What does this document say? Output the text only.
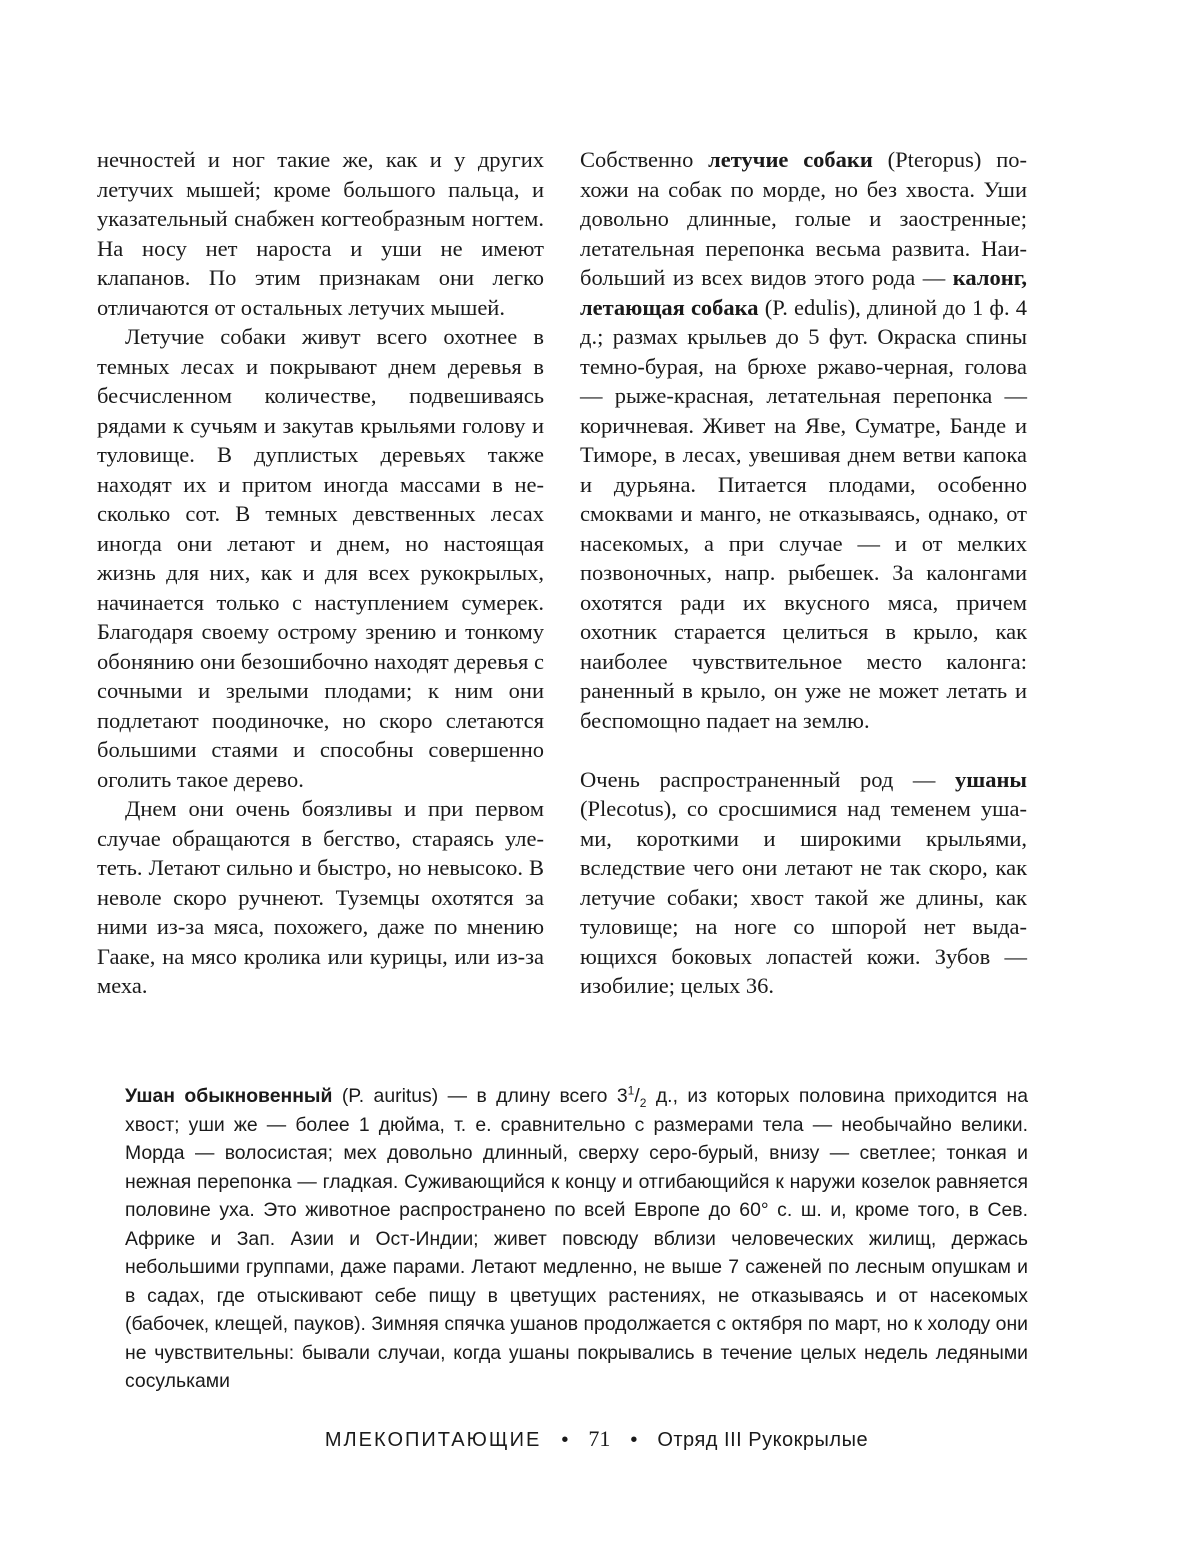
нечностей и ног такие же, как и у других летучих мышей; кроме большого пальца, и указательный снабжен когтеобразным ногтем. На носу нет нароста и уши не имеют клапанов. По этим признакам они легко отличаются от остальных летучих мышей.

Летучие собаки живут всего охотнее в темных лесах и покрывают днем деревья в бесчисленном количестве, подвешиваясь рядами к сучьям и закутав крыльями голову и туловище. В дуплистых деревьях также находят их и притом иногда массами в несколько сот. В темных девственных лесах иногда они летают и днем, но настоящая жизнь для них, как и для всех рукокрылых, начинается только с наступлением сумерек. Благодаря своему острому зрению и тонкому обонянию они безошибочно находят деревья с сочными и зрелыми плодами; к ним они подлетают поодиночке, но скоро слетаются большими стаями и способны совершенно оголить такое дерево.

Днем они очень боязливы и при первом случае обращаются в бегство, стараясь улететь. Летают сильно и быстро, но невысоко. В неволе скоро ручнеют. Туземцы охотятся за ними из-за мяса, похожего, даже по мнению Гааке, на мясо кролика или курицы, или из-за меха.

Собственно летучие собаки (Pteropus) похожи на собак по морде, но без хвоста. Уши довольно длинные, голые и заостренные; летательная перепонка весьма развита. Наибольший из всех видов этого рода — калонг, летающая собака (P. edulis), длиной до 1 ф. 4 д.; размах крыльев до 5 фут. Окраска спины темно-бурая, на брюхе ржаво-черная, голова — рыже-красная, летательная перепонка — коричневая. Живет на Яве, Суматре, Банде и Тиморе, в лесах, увешивая днем ветви капока и дурьяна. Питается плодами, особенно смоквами и манго, не отказываясь, однако, от насекомых, а при случае — и от мелких позвоночных, напр. рыбешек. За калонгами охотятся ради их вкусного мяса, причем охотник старается целиться в крыло, как наиболее чувствительное место калонга: раненный в крыло, он уже не может летать и беспомощно падает на землю.

Очень распространенный род — ушаны (Plecotus), со сросшимися над теменем ушами, короткими и широкими крыльями, вследствие чего они летают не так скоро, как летучие собаки; хвост такой же длины, как туловище; на ноге со шпорой нет выдающихся боковых лопастей кожи. Зубов — изобилие; целых 36.

Ушан обыкновенный (P. auritus) — в длину всего $3^1/_2$ д., из которых половина приходится на хвост; уши же — более 1 дюйма, т. е. сравнительно с размерами тела — необычайно велики. Морда — волосистая; мех довольно длинный, сверху серо-бурый, внизу — светлее; тонкая и нежная перепонка — гладкая. Суживающийся к концу и отгибающийся к наружи козелок равняется половине уха. Это животное распространено по всей Европе до 60° с. ш. и, кроме того, в Сев. Африке и Зап. Азии и Ост-Индии; живет повсюду вблизи человеческих жилищ, держась небольшими группами, даже парами. Летают медленно, не выше 7 саженей по лесным опушкам и в садах, где отыскивают себе пищу в цветущих растениях, не отказываясь и от насекомых (бабочек, клещей, пауков). Зимняя спячка ушанов продолжается с октября по март, но к холоду они не чувствительны: бывали случаи, когда ушаны покрывались в течение целых недель ледяными сосульками

МЛЕКОПИТАЮЩИЕ • 71 • Отряд III Рукокрылые
